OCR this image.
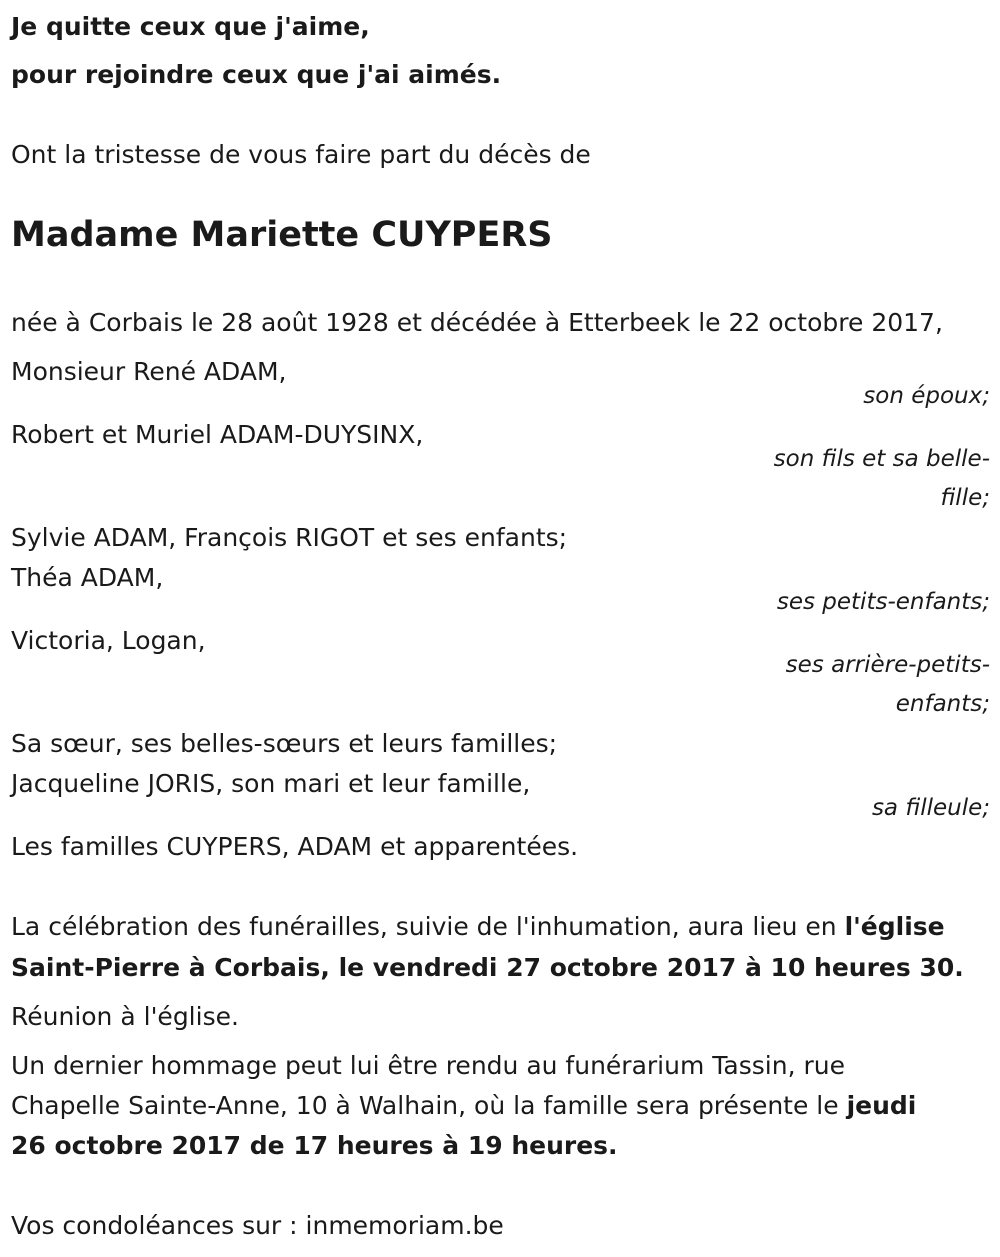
Je quitte ceux que j'aime,
pour rejoindre ceux que j'ai aimés.
Ont la tristesse de vous faire part du décès de
Madame Mariette CUYPERS
née à Corbais le 28 août 1928 et décédée à Etterbeek le 22 octobre 2017,
Monsieur René ADAM,
son époux;
Robert et Muriel ADAM-DUYSINX,
son fils et sa belle-
fille;
Sylvie ADAM, François RIGOT et ses enfants;
Théa ADAM,
ses petits-enfants;
Victoria, Logan,
ses arrière-petits-
enfants;
Sa sœur, ses belles-sœurs et leurs familles;
Jacqueline JORIS, son mari et leur famille,
sa filleule;
Les familles CUYPERS, ADAM et apparentées.
La célébration des funérailles, suivie de l'inhumation, aura lieu en l'église
Saint-Pierre à Corbais, le vendredi 27 octobre 2017 à 10 heures 30.
Réunion à l'église.
Un dernier hommage peut lui être rendu au funérarium Tassin, rue
Chapelle Sainte-Anne, 10 à Walhain, où la famille sera présente le jeudi
26 octobre 2017 de 17 heures à 19 heures.
Vos condoléances sur : inmemoriam.be
